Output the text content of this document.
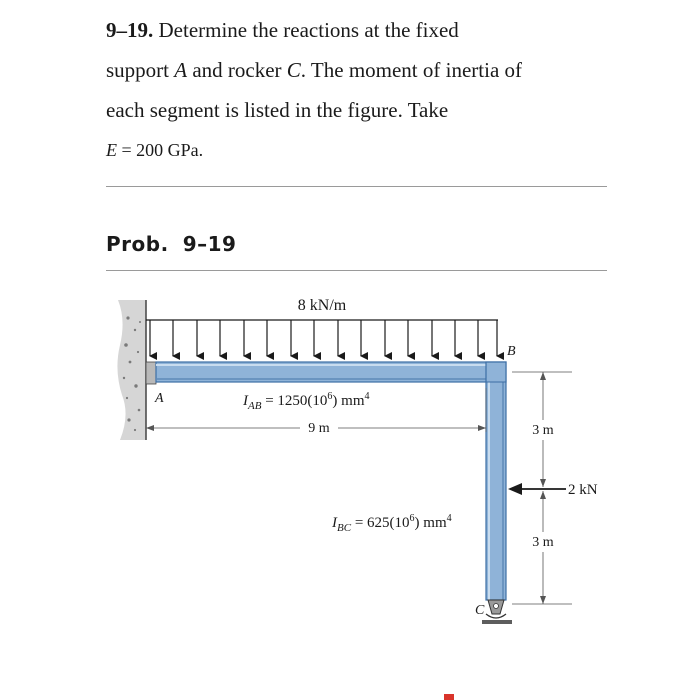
9–19. Determine the reactions at the fixed
support A and rocker C. The moment of inertia of
each segment is listed in the figure. Take
E = 200 GPa.
Prob. 9–19
8 kN/m
B
A
C
$I_{AB} = 1250(10^6)$ $mm^4$
9 m
$I_{BC} = 625(10^6)$ $mm^4$
3 m
3 m
2 kN
